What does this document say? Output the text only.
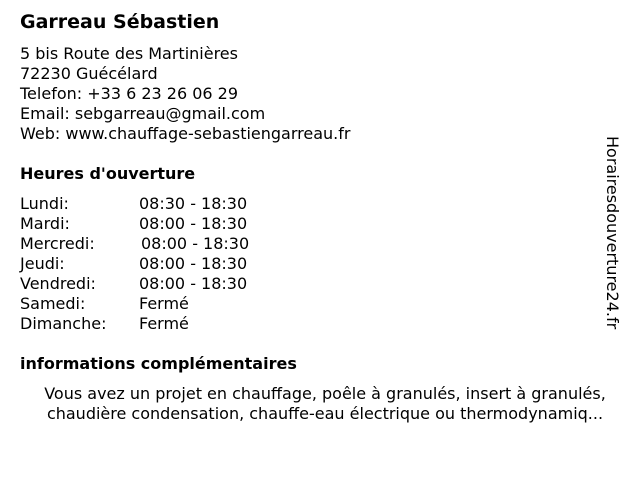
Garreau Sébastien
5 bis Route des Martinières
72230 Guécélard
Telefon: +33 6 23 26 06 29
Email: sebgarreau@gmail.com
Web: www.chauffage-sebastiengarreau.fr
Heures d'ouverture
Lundi:	08:30 - 18:30
Mardi:	08:00 - 18:30
Mercredi:	08:00 - 18:30
Jeudi:	08:00 - 18:30
Vendredi:	08:00 - 18:30
Samedi:	Fermé
Dimanche: Fermé
informations complémentaires
Vous avez un projet en chauffage, poêle à granulés, insert à granulés,
chaudière condensation, chauffe-eau électrique ou thermodynamiq...
Horairesdouverture24.fr
